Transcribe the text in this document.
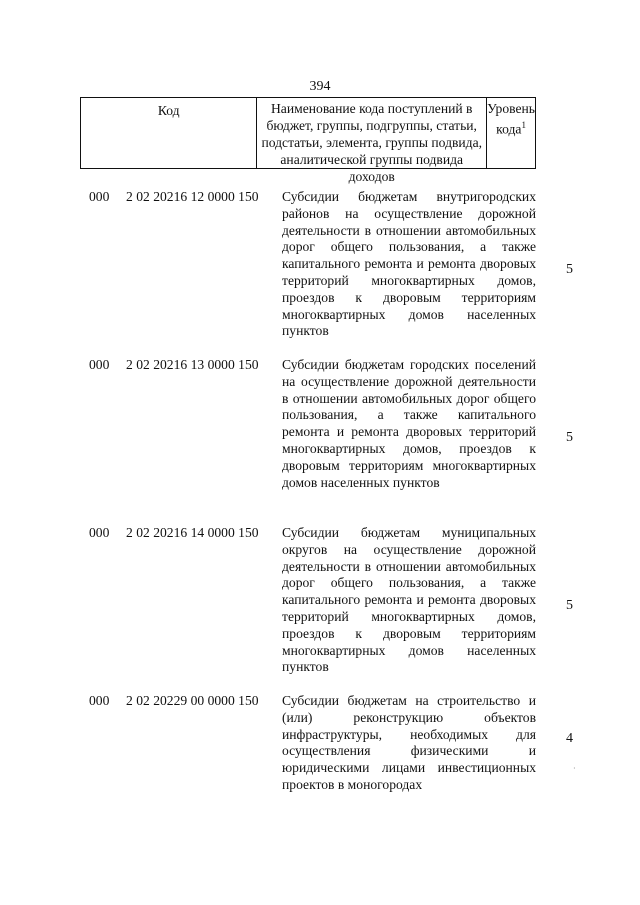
394
Код	Наименование кода поступлений в бюджет, группы, подгруппы, статьи, подстатьи, элемента, группы подвида, аналитической группы подвида доходов
Уровень кода$^1$
000 2 02 20216 12 0000 150 Субсидии бюджетам внутригородских районов на осуществление дорожной деятельности в отношении автомобильных дорог общего пользования, а также капитального ремонта и ремонта дворовых территорий многоквартирных домов, проездов к дворовым территориям многоквартирных домов населенных пунктов
5
000 2 02 20216 13 0000 150 Субсидии бюджетам городских поселений на осуществление дорожной деятельности в отношении автомобильных дорог общего пользования, а также капитального ремонта и ремонта дворовых территорий многоквартирных домов, проездов к дворовым территориям многоквартирных домов населенных пунктов
5
000 2 02 20216 14 0000 150 Субсидии бюджетам муниципальных округов на осуществление дорожной деятельности в отношении автомобильных дорог общего пользования, а также капитального ремонта и ремонта дворовых территорий многоквартирных домов, проездов к дворовым территориям многоквартирных домов населенных пунктов
5
000 2 02 20229 00 0000 150 Субсидии бюджетам на строительство и (или) реконструкцию объектов инфраструктуры, необходимых для осуществления физическими и юридическими лицами инвестиционных проектов в моногородах
4
·
